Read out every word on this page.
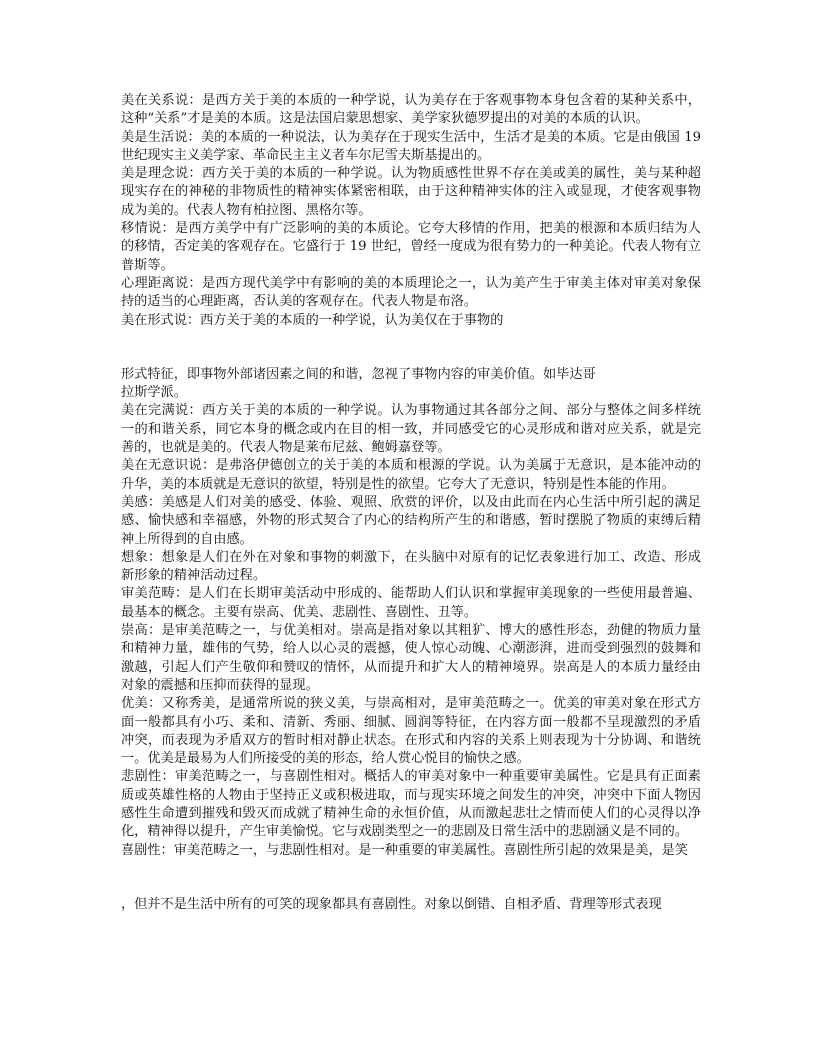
美在关系说：是西方关于美的本质的一种学说，认为美存在于客观事物本身包含着的某种关系中，这种“关系”才是美的本质。这是法国启蒙思想家、美学家狄德罗提出的对美的本质的认识。

美是生活说：美的本质的一种说法，认为美存在于现实生活中，生活才是美的本质。它是由俄国 19 世纪现实主义美学家、革命民主主义者车尔尼雪夫斯基提出的。

美是理念说：西方关于美的本质的一种学说。认为物质感性世界不存在美或美的属性，美与某种超现实存在的神秘的非物质性的精神实体紧密相联，由于这种精神实体的注入或显现，才使客观事物成为美的。代表人物有柏拉图、黑格尔等。

移情说：是西方美学中有广泛影响的美的本质论。它夸大移情的作用，把美的根源和本质归结为人的移情，否定美的客观存在。它盛行于 19 世纪，曾经一度成为很有势力的一种美论。代表人物有立普斯等。

心理距离说：是西方现代美学中有影响的美的本质理论之一，认为美产生于审美主体对审美对象保持的适当的心理距离，否认美的客观存在。代表人物是布洛。

美在形式说：西方关于美的本质的一种学说，认为美仅在于事物的

形式特征，即事物外部诸因素之间的和谐，忽视了事物内容的审美价值。如毕达哥

拉斯学派。

美在完满说：西方关于美的本质的一种学说。认为事物通过其各部分之间、部分与整体之间多样统一的和谐关系，同它本身的概念或内在目的相一致，并同感受它的心灵形成和谐对应关系，就是完善的，也就是美的。代表人物是莱布尼兹、鲍姆嘉登等。

美在无意识说：是弗洛伊德创立的关于美的本质和根源的学说。认为美属于无意识，是本能冲动的升华，美的本质就是无意识的欲望，特别是性的欲望。它夸大了无意识，特别是性本能的作用。

美感：美感是人们对美的感受、体验、观照、欣赏的评价，以及由此而在内心生活中所引起的满足感、愉快感和幸福感，外物的形式契合了内心的结构所产生的和谐感，暂时摆脱了物质的束缚后精神上所得到的自由感。

想象：想象是人们在外在对象和事物的刺激下，在头脑中对原有的记忆表象进行加工、改造、形成新形象的精神活动过程。

审美范畴：是人们在长期审美活动中形成的、能帮助人们认识和掌握审美现象的一些使用最普遍、最基本的概念。主要有崇高、优美、悲剧性、喜剧性、丑等。

崇高：是审美范畴之一，与优美相对。崇高是指对象以其粗犷、博大的感性形态，劲健的物质力量和精神力量，雄伟的气势，给人以心灵的震撼，使人惊心动魄、心潮澎湃，进而受到强烈的鼓舞和激越，引起人们产生敬仰和赞叹的情怀，从而提升和扩大人的精神境界。崇高是人的本质力量经由对象的震撼和压抑而获得的显现。

优美：又称秀美，是通常所说的狭义美，与崇高相对，是审美范畴之一。优美的审美对象在形式方面一般都具有小巧、柔和、清新、秀丽、细腻、圆润等特征，在内容方面一般都不呈现激烈的矛盾冲突，而表现为矛盾双方的暂时相对静止状态。在形式和内容的关系上则表现为十分协调、和谐统一。优美是最易为人们所接受的美的形态，给人赏心悦目的愉快之感。

悲剧性：审美范畴之一，与喜剧性相对。概括人的审美对象中一种重要审美属性。它是具有正面素质或英雄性格的人物由于坚持正义或积极进取，而与现实环境之间发生的冲突，冲突中下面人物因感性生命遭到摧残和毁灭而成就了精神生命的永恒价值，从而激起悲壮之情而使人们的心灵得以净化，精神得以提升，产生审美愉悦。它与戏剧类型之一的悲剧及日常生活中的悲剧涵义是不同的。

喜剧性：审美范畴之一，与悲剧性相对。是一种重要的审美属性。喜剧性所引起的效果是美，是笑

，但并不是生活中所有的可笑的现象都具有喜剧性。对象以倒错、自相矛盾、背理等形式表现
